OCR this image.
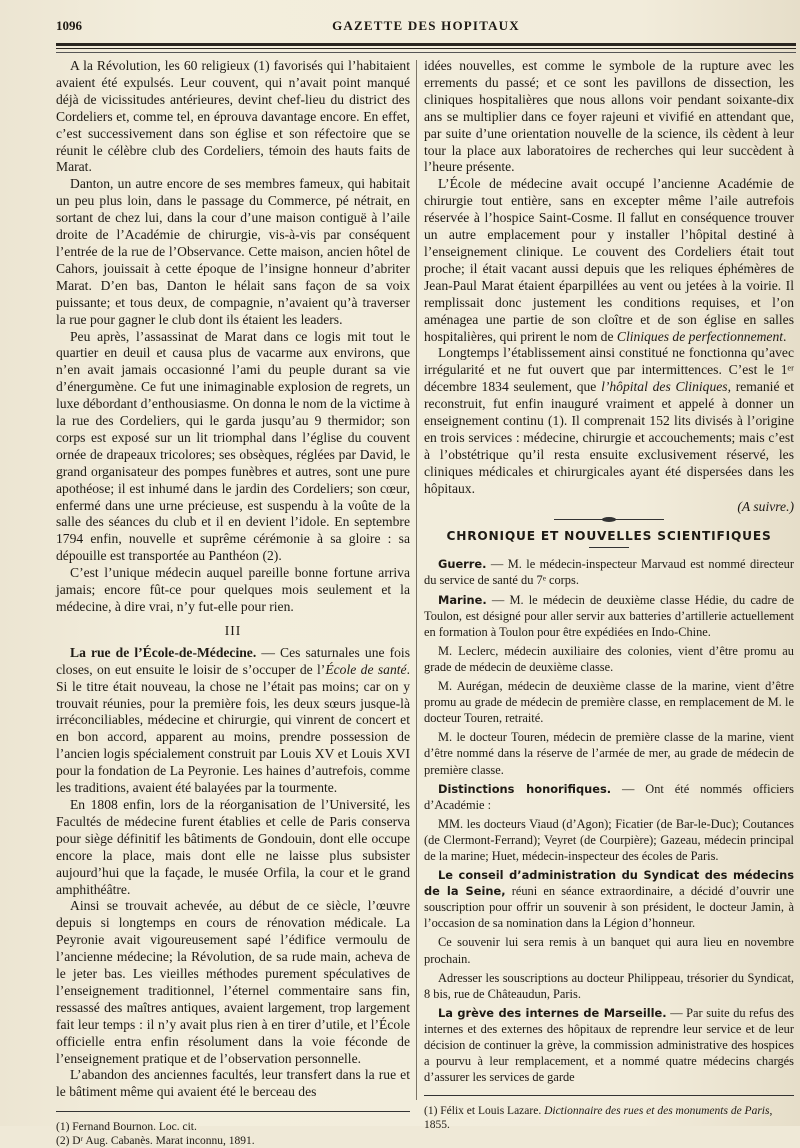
1096	GAZETTE DES HOPITAUX

A la Révolution, les 60 religieux (1) favorisés qui l’habitaient avaient été expulsés. Leur couvent, qui n’avait point manqué déjà de vicissitudes antérieures, devint chef-lieu du district des Cordeliers et, comme tel, en éprouva davantage encore. En effet, c’est successivement dans son église et son réfectoire que se réunit le célèbre club des Cordeliers, témoin des hauts faits de Marat.

Danton, un autre encore de ses membres fameux, qui habitait un peu plus loin, dans le passage du Commerce, pé nétrait, en sortant de chez lui, dans la cour d’une maison contiguë à l’aile droite de l’Académie de chirurgie, vis-à-vis par conséquent l’entrée de la rue de l’Observance. Cette maison, ancien hôtel de Cahors, jouissait à cette époque de l’insigne honneur d’abriter Marat. D’en bas, Danton le hélait sans façon de sa voix puissante; et tous deux, de compagnie, n’avaient qu’à traverser la rue pour gagner le club dont ils étaient les leaders.

Peu après, l’assassinat de Marat dans ce logis mit tout le quartier en deuil et causa plus de vacarme aux environs, que n’en avait jamais occasionné l’ami du peuple durant sa vie d’énergumène. Ce fut une inimaginable explosion de regrets, un luxe débordant d’enthousiasme. On donna le nom de la victime à la rue des Cordeliers, qui le garda jusqu’au 9 thermidor; son corps est exposé sur un lit triomphal dans l’église du couvent ornée de drapeaux tricolores; ses obsèques, réglées par David, le grand organisateur des pompes funèbres et autres, sont une pure apothéose; il est inhumé dans le jardin des Cordeliers; son cœur, enfermé dans une urne précieuse, est suspendu à la voûte de la salle des séances du club et il en devient l’idole. En septembre 1794 enfin, nouvelle et suprême cérémonie à sa gloire : sa dépouille est transportée au Panthéon (2).

C’est l’unique médecin auquel pareille bonne fortune arriva jamais; encore fût-ce pour quelques mois seulement et la médecine, à dire vrai, n’y fut-elle pour rien.

III

La rue de l’École-de-Médecine. — Ces saturnales une fois closes, on eut ensuite le loisir de s’occuper de l’École de santé. Si le titre était nouveau, la chose ne l’était pas moins; car on y trouvait réunies, pour la première fois, les deux sœurs jusque-là irréconciliables, médecine et chirurgie, qui vinrent de concert et en bon accord, apparent au moins, prendre possession de l’ancien logis spécialement construit par Louis XV et Louis XVI pour la fondation de La Peyronie. Les haines d’autrefois, comme les traditions, avaient été balayées par la tourmente.

En 1808 enfin, lors de la réorganisation de l’Université, les Facultés de médecine furent établies et celle de Paris conserva pour siège définitif les bâtiments de Gondouin, dont elle occupe encore la place, mais dont elle ne laisse plus subsister aujourd’hui que la façade, le musée Orfila, la cour et le grand amphithéâtre.

Ainsi se trouvait achevée, au début de ce siècle, l’œuvre depuis si longtemps en cours de rénovation médicale. La Peyronie avait vigoureusement sapé l’édifice vermoulu de l’ancienne médecine; la Révolution, de sa rude main, acheva de le jeter bas. Les vieilles méthodes purement spéculatives de l’enseignement traditionnel, l’éternel commentaire sans fin, ressassé des maîtres antiques, avaient largement, trop largement fait leur temps : il n’y avait plus rien à en tirer d’utile, et l’École officielle entra enfin résolument dans la voie féconde de l’enseignement pratique et de l’observation personnelle.

L’abandon des anciennes facultés, leur transfert dans la rue et le bâtiment même qui avaient été le berceau des

(1) Fernand Bournon. Loc. cit.

(2) Dʳ Aug. Cabanès. Marat inconnu, 1891.

idées nouvelles, est comme le symbole de la rupture avec les errements du passé; et ce sont les pavillons de dissection, les cliniques hospitalières que nous allons voir pendant soixante-dix ans se multiplier dans ce foyer rajeuni et vivifié en attendant que, par suite d’une orientation nouvelle de la science, ils cèdent à leur tour la place aux laboratoires de recherches qui leur succèdent à l’heure présente.

L’École de médecine avait occupé l’ancienne Académie de chirurgie tout entière, sans en excepter même l’aile autrefois réservée à l’hospice Saint-Cosme. Il fallut en conséquence trouver un autre emplacement pour y installer l’hôpital destiné à l’enseignement clinique. Le couvent des Cordeliers était tout proche; il était vacant aussi depuis que les reliques éphémères de Jean-Paul Marat étaient éparpillées au vent ou jetées à la voirie. Il remplissait donc justement les conditions requises, et l’on aménagea une partie de son cloître et de son église en salles hospitalières, qui prirent le nom de Cliniques de perfectionnement.

Longtemps l’établissement ainsi constitué ne fonctionna qu’avec irrégularité et ne fut ouvert que par intermittences. C’est le 1ᵉʳ décembre 1834 seulement, que l’hôpital des Cliniques, remanié et reconstruit, fut enfin inauguré vraiment et appelé à donner un enseignement continu (1). Il comprenait 152 lits divisés à l’origine en trois services : médecine, chirurgie et accouchements; mais c’est à l’obstétrique qu’il resta ensuite exclusivement réservé, les cliniques médicales et chirurgicales ayant été dispersées dans les hôpitaux.

(A suivre.)

CHRONIQUE ET NOUVELLES SCIENTIFIQUES

Guerre. — M. le médecin-inspecteur Marvaud est nommé directeur du service de santé du 7ᵉ corps.

Marine. — M. le médecin de deuxième classe Hédie, du cadre de Toulon, est désigné pour aller servir aux batteries d’artillerie actuellement en formation à Toulon pour être expédiées en Indo-Chine.

M. Leclerc, médecin auxiliaire des colonies, vient d’être promu au grade de médecin de deuxième classe.

M. Aurégan, médecin de deuxième classe de la marine, vient d’être promu au grade de médecin de première classe, en remplacement de M. le docteur Touren, retraité.

M. le docteur Touren, médecin de première classe de la marine, vient d’être nommé dans la réserve de l’armée de mer, au grade de médecin de première classe.

Distinctions honorifiques. — Ont été nommés officiers d’Académie :

MM. les docteurs Viaud (d’Agon); Ficatier (de Bar-le-Duc); Coutances (de Clermont-Ferrand); Veyret (de Courpière); Gazeau, médecin principal de la marine; Huet, médecin-inspecteur des écoles de Paris.

Le conseil d’administration du Syndicat des médecins de la Seine, réuni en séance extraordinaire, a décidé d’ouvrir une souscription pour offrir un souvenir à son président, le docteur Jamin, à l’occasion de sa nomination dans la Légion d’honneur.

Ce souvenir lui sera remis à un banquet qui aura lieu en novembre prochain.

Adresser les souscriptions au docteur Philippeau, trésorier du Syndicat, 8 bis, rue de Châteaudun, Paris.

La grève des internes de Marseille. — Par suite du refus des internes et des externes des hôpitaux de reprendre leur service et de leur décision de continuer la grève, la commission administrative des hospices a pourvu à leur remplacement, et a nommé quatre médecins chargés d’assurer les services de garde

(1) Félix et Louis Lazare. Dictionnaire des rues et des monuments de Paris, 1855.
